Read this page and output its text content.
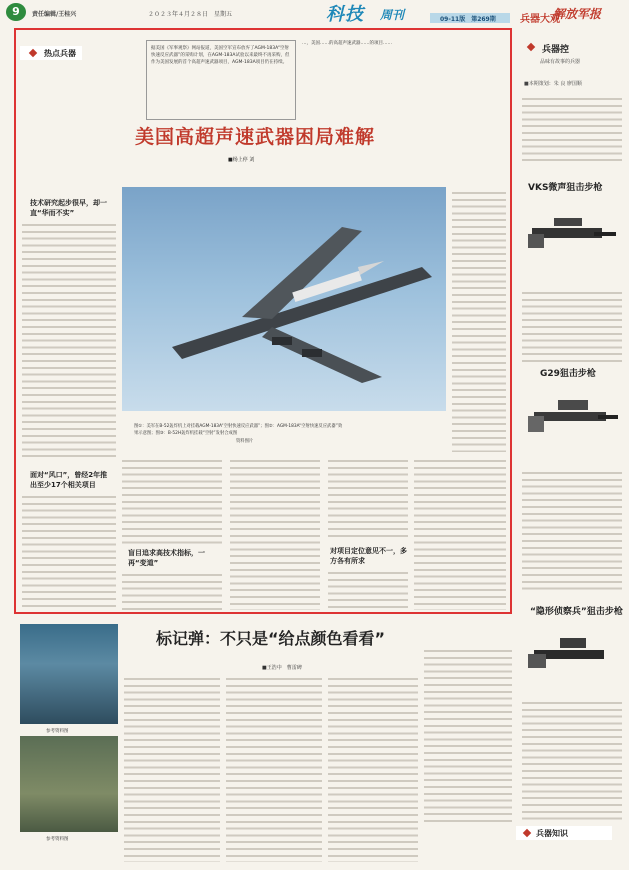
9	责任编辑/王桂兴	２０２３年４月２８日　星期五	科技 周刊	09-11版　第269期 兵器大观
解放军报
热点兵器
据美国《军事观察》网站报道，美国空军宣布放弃了AGM-183A“空射快速反应武器”的采购计划，在AGM-183A试验以来最终不再采购，但作为美国发展的首个高超声速武器项目，AGM-183A项目仍在持续。
…，美国……的高超声速武器……的项目……
美国高超声速武器困局难解
■杨上停 刘
技术研究起步很早，却一直“华而不实”
面对“风口”，曾经2年推出至少17个相关项目
图①：美军在B-52轰炸机上对挂载AGM-183A“空射快速反应武器”；图②：AGM-183A“空射快速反应武器”效果示意图；图③：B-52H轰炸机挂载“空射”发射合成图
资料图片
盲目追求高技术指标，一再“变道”
对项目定位意见不一，多方各有所求
兵器控
品味有故事的兵器
■本期策划：朱 良 廖国顺
VKS微声狙击步枪
G29狙击步枪
“隐形侦察兵”狙击步枪
参考资料图
参考资料图
标记弹：不只是“给点颜色看看”
■王浩中　曹雷碑
兵器知识
